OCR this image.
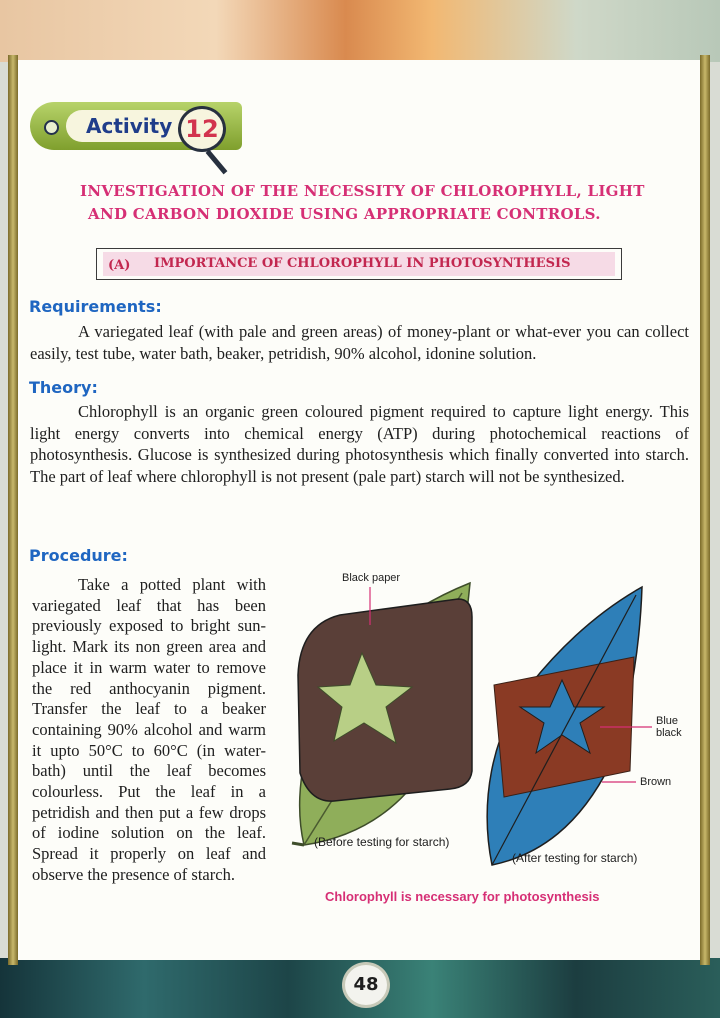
Activity 12
INVESTIGATION OF THE NECESSITY OF CHLOROPHYLL, LIGHT
AND CARBON DIOXIDE USING APPROPRIATE CONTROLS.
(A) IMPORTANCE OF CHLOROPHYLL IN PHOTOSYNTHESIS
Requirements:
A variegated leaf (with pale and green areas) of money-plant or what-ever you can collect easily, test tube, water bath, beaker, petridish, 90% alcohol, idonine solution.
Theory:
Chlorophyll is an organic green coloured pigment required to capture light energy. This light energy converts into chemical energy (ATP) during photochemical reactions of photosynthesis. Glucose is synthesized during photosynthesis which finally converted into starch. The part of leaf where chlorophyll is not present (pale part) starch will not be synthesized.
Procedure:
Take a potted plant with variegated leaf that has been previously exposed to bright sun-light. Mark its non green area and place it in warm water to remove the red anthocyanin pigment. Transfer the leaf to a beaker containing 90% alcohol and warm it upto 50°C to 60°C (in water-bath) until the leaf becomes colourless. Put the leaf in a petridish and then put a few drops of iodine solution on the leaf. Spread it properly on leaf and observe the presence of starch.
Black paper
Blue black
Brown
(Before testing for starch)
(After testing for starch)
Chlorophyll is necessary for photosynthesis
48
